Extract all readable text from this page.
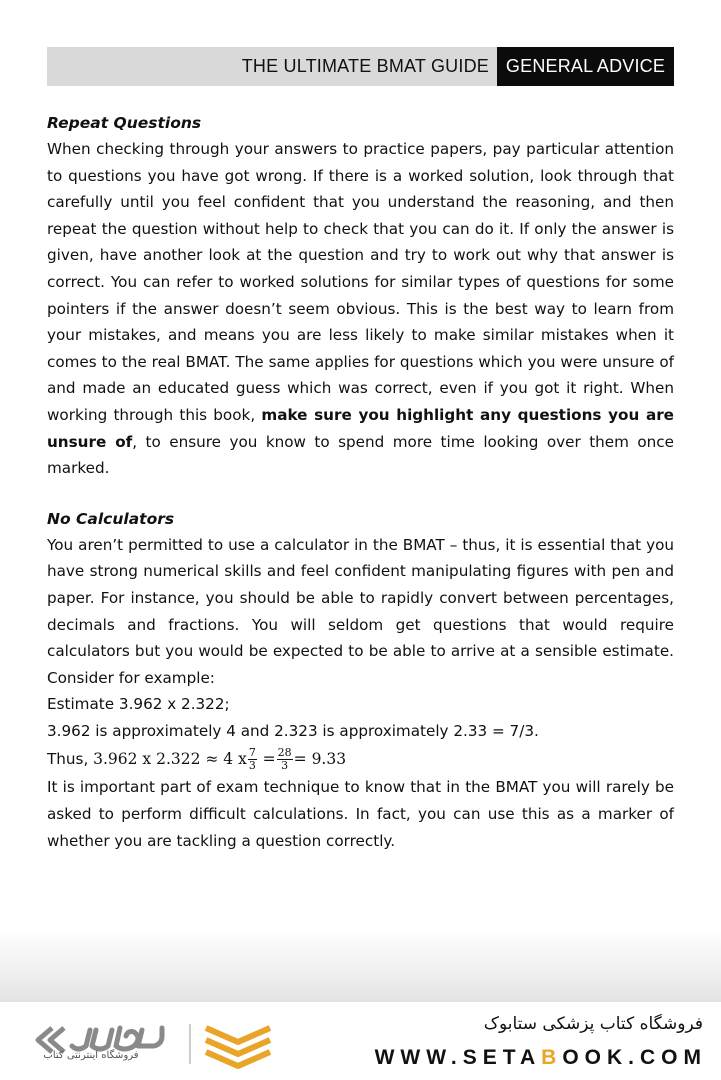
THE ULTIMATE BMAT GUIDE GENERAL ADVICE

Repeat Questions

When checking through your answers to practice papers, pay particular attention to questions you have got wrong. If there is a worked solution, look through that carefully until you feel confident that you understand the reasoning, and then repeat the question without help to check that you can do it. If only the answer is given, have another look at the question and try to work out why that answer is correct. You can refer to worked solutions for similar types of questions for some pointers if the answer doesn’t seem obvious. This is the best way to learn from your mistakes, and means you are less likely to make similar mistakes when it comes to the real BMAT. The same applies for questions which you were unsure of and made an educated guess which was correct, even if you got it right. When working through this book, make sure you highlight any questions you are unsure of, to ensure you know to spend more time looking over them once marked.

No Calculators

You aren’t permitted to use a calculator in the BMAT – thus, it is essential that you have strong numerical skills and feel confident manipulating figures with pen and paper. For instance, you should be able to rapidly convert between percentages, decimals and fractions. You will seldom get questions that would require calculators but you would be expected to be able to arrive at a sensible estimate. Consider for example:

Estimate 3.962 x 2.322;

3.962 is approximately 4 and 2.323 is approximately 2.33 = 7/3.

Thus, 3.962 x 2.322 ≈ 4 x $\frac{7}{3} = \frac{28}{3} = 9.33$

It is important part of exam technique to know that in the BMAT you will rarely be asked to perform difficult calculations. In fact, you can use this as a marker of whether you are tackling a question correctly.

فروشگاه اینترنتی کتاب
فروشگاه کتاب پزشکی ستابوک
WWW.SETABOOK.COM
